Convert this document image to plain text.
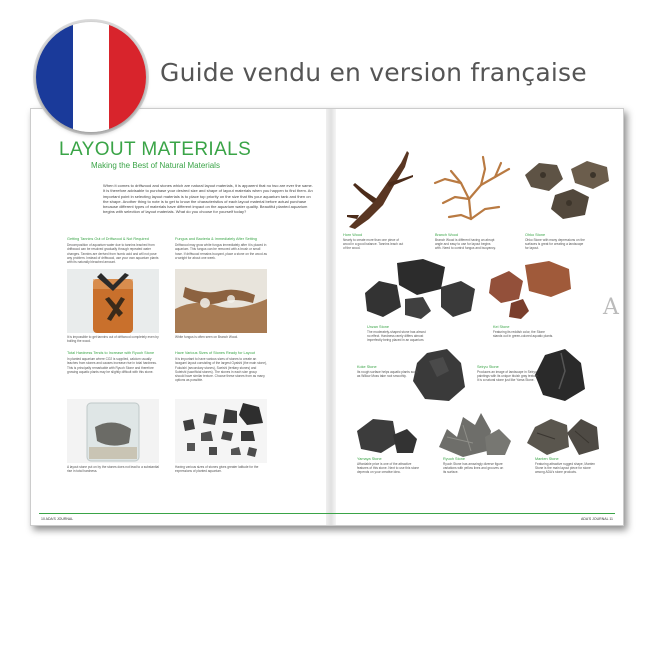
Guide vendu en version française
LAYOUT MATERIALS
Making the Best of Natural Materials
When it comes to driftwood and stones which are natural layout materials, it is apparent that no two are ever the same. It is therefore advisable to purchase your desired size and shape of layout materials when you happen to find them. An important point in selecting layout materials is to place top priority on the size that fits your aquarium tank and then on the shape. Another thing to note is to get to know the characteristics of each layout material before actual purchase because different types of materials have different impact on the aquarium water quality. Beautiful planted aquarium begins with selection of layout materials. What do you choose for yourself today?
Getting Tannins Out of Driftwood & Not Required
Decomposition of aquarium water due to tannins leached from driftwood can be resolved gradually through repeated water changes. Tannins are derived from humic acid and will not pose any problem. Instead of driftwood, use your own aquarium plants with its naturally bleached amount.
It is impossible to get tannins out of driftwood completely even by boiling the wood.
Fungus and Bacteria & Immediately After Setting
Driftwood may grow white fungus immediately after it is placed in aquarium. This fungus can be removed with a brush or small hose. If driftwood remains buoyant, place a stone on the wood as a weight for about one week.
White fungus is often seen on Branch Wood.
Total Hardness Tends to Increase with Ryuoh Stone
In planted aquarium where CO2 is supplied, calcium usually leaches from stones and causes increase rise in total hardness. This is principally remarkable with Ryuoh Stone and therefore growing aquatic plants may be slightly difficult with this stone.
A layout stone put on by the stones does not lead to a substantial rise in total hardness.
Have Various Sizes of Stones Ready for Layout
It is important to have various sizes of stones to create an Iwagumi layout consisting of the largest Oyaishi (the main stone), Fukuishi (secondary stones), Soeishi (tertiary stones) and Suteishi (sacrificial stones). The stones in each size group should have similar texture. Choose these stones from as many options as possible.
Having various sizes of stones gives greater latitude for the expressions of planted aquarium.
Horn Wood
Nearly to create more than one piece of wood in a good balance. Tannins leach out of the wood.
Branch Wood
Branch Wood is different having an abrupt angle and easy to use for layout begins with. Need to control fungus and buoyancy.
Ohko Stone
Ohko Stone with many depressions on the surfaces is great for creating a landscape for layout.
Unzan Stone
The moderately-shaped stone has almost no effect. Hardness rarely differs almost imperfectly being placed in an aquarium.
Kei Stone
Featuring its reddish color, the Stone stands out in green-colored aquatic plants.
Koke Stone
Its rough surface helps aquatic plants such as Willow Moss take root smoothly.
Seiryu Stone
Produces an image of landscape in Seiryu paintings with its unique bluish gray texture. It is a natural stone just like Yama Stone.
Yamaya Stone
Affordable price is one of the attractive features of this stone. Next to use this stone depends on your creative idea.
Ryuoh Stone
Ryuoh Stone has amazingly diverse figure variations with yellow lines and grooves on its surface.
Manten Stone
Featuring attractive rugged shape, Manten Stone is the main layout piece for stone among ADA's stone products.
A
10 ADA'S JOURNAL	ADA'S JOURNAL 11
